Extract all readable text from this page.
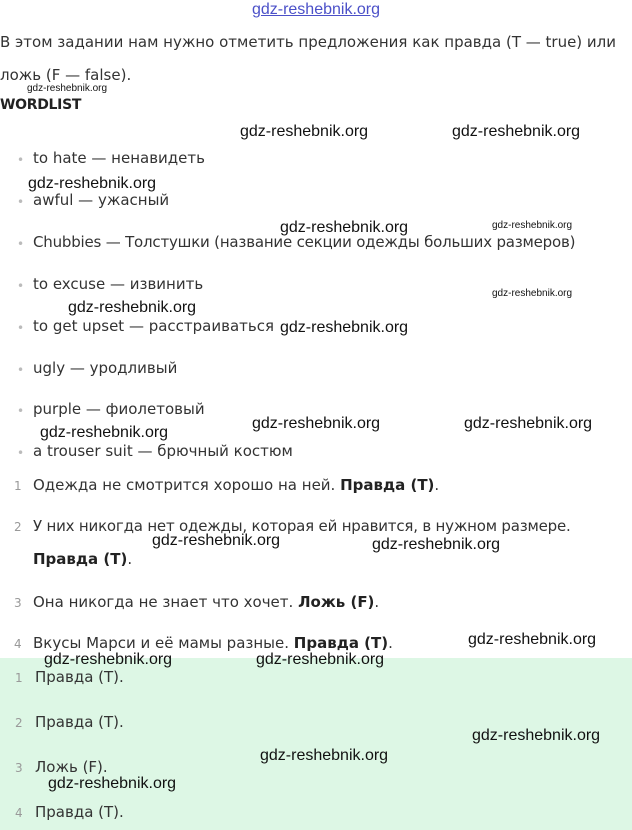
gdz-reshebnik.org
В этом задании нам нужно отметить предложения как правда (T — true) или
ложь (F — false).
WORDLIST
• to hate — ненавидеть
• awful — ужасный
• Chubbies — Толстушки (название секции одежды больших размеров)
• to excuse — извинить
• to get upset — расстраиваться
• ugly — уродливый
• purple — фиолетовый
• a trouser suit — брючный костюм
1 Одежда не смотрится хорошо на ней. Правда (T).
2 У них никогда нет одежды, которая ей нравится, в нужном размере.
Правда (T).
3 Она никогда не знает что хочет. Ложь (F).
4 Вкусы Марси и её мамы разные. Правда (T).
1 Правда (T).
2 Правда (T).
3 Ложь (F).
4 Правда (T).
gdz-reshebnik.org
gdz-reshebnik.org	gdz-reshebnik.org
gdz-reshebnik.org
gdz-reshebnik.org	gdz-reshebnik.org
gdz-reshebnik.org
gdz-reshebnik.org
gdz-reshebnik.org
gdz-reshebnik.org	gdz-reshebnik.org
gdz-reshebnik.org
gdz-reshebnik.org	gdz-reshebnik.org
gdz-reshebnik.org
gdz-reshebnik.org	gdz-reshebnik.org
gdz-reshebnik.org
gdz-reshebnik.org
gdz-reshebnik.org
